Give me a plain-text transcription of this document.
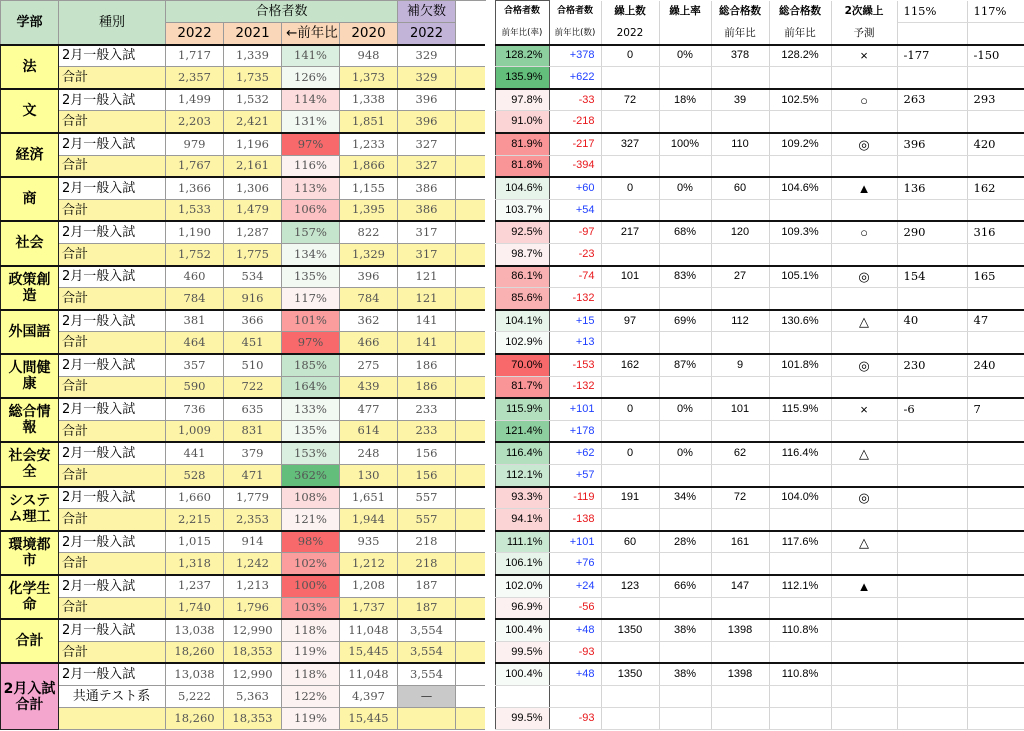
学部	種別	合格者数				補欠数	
		2022	2021	←前年比	2020	2022	
法	2月一般入試	1,717	1,339	141%	948	329	
	合計	2,357	1,735	126%	1,373	329	
文	2月一般入試	1,499	1,532	114%	1,338	396	
	合計	2,203	2,421	131%	1,851	396	
経済	2月一般入試	979	1,196	97%	1,233	327	
	合計	1,767	2,161	116%	1,866	327	
商	2月一般入試	1,366	1,306	113%	1,155	386	
	合計	1,533	1,479	106%	1,395	386	
社会	2月一般入試	1,190	1,287	157%	822	317	
	合計	1,752	1,775	134%	1,329	317	
政策創造	2月一般入試	460	534	135%	396	121	
	合計	784	916	117%	784	121	
外国語	2月一般入試	381	366	101%	362	141	
	合計	464	451	97%	466	141	
人間健康	2月一般入試	357	510	185%	275	186	
	合計	590	722	164%	439	186	
総合情報	2月一般入試	736	635	133%	477	233	
	合計	1,009	831	135%	614	233	
社会安全	2月一般入試	441	379	153%	248	156	
	合計	528	471	362%	130	156	
システム理工	2月一般入試	1,660	1,779	108%	1,651	557	
	合計	2,215	2,353	121%	1,944	557	
環境都市	2月一般入試	1,015	914	98%	935	218	
	合計	1,318	1,242	102%	1,212	218	
化学生命	2月一般入試	1,237	1,213	100%	1,208	187	
	合計	1,740	1,796	103%	1,737	187	
合計	2月一般入試	13,038	12,990	118%	11,048	3,554	
	合計	18,260	18,353	119%	15,445	3,554	
2月入試合計	2月一般入試	13,038	12,990	118%	11,048	3,554	
	共通テスト系	5,222	5,363	122%	4,397	—	
		18,260	18,353	119%	15,445		
	合格者数	合格者数	繰上数	繰上率	総合格数	総合格数	2次繰上	115%	117%
	前年比(率)	前年比(数)	2022		前年比	前年比	予測		
	128.2%	+378	0	0%	378	128.2%	×	-177	-150
	135.9%	+622							
	97.8%	-33	72	18%	39	102.5%	○	263	293
	91.0%	-218							
	81.9%	-217	327	100%	110	109.2%	◎	396	420
	81.8%	-394							
	104.6%	+60	0	0%	60	104.6%	▲	136	162
	103.7%	+54							
	92.5%	-97	217	68%	120	109.3%	○	290	316
	98.7%	-23							
	86.1%	-74	101	83%	27	105.1%	◎	154	165
	85.6%	-132							
	104.1%	+15	97	69%	112	130.6%	△	40	47
	102.9%	+13							
	70.0%	-153	162	87%	9	101.8%	◎	230	240
	81.7%	-132							
	115.9%	+101	0	0%	101	115.9%	×	-6	7
	121.4%	+178							
	116.4%	+62	0	0%	62	116.4%	△		
	112.1%	+57							
	93.3%	-119	191	34%	72	104.0%	◎		
	94.1%	-138							
	111.1%	+101	60	28%	161	117.6%	△		
	106.1%	+76							
	102.0%	+24	123	66%	147	112.1%	▲		
	96.9%	-56							
	100.4%	+48	1350	38%	1398	110.8%			
	99.5%	-93							
	100.4%	+48	1350	38%	1398	110.8%			

	99.5%	-93							
